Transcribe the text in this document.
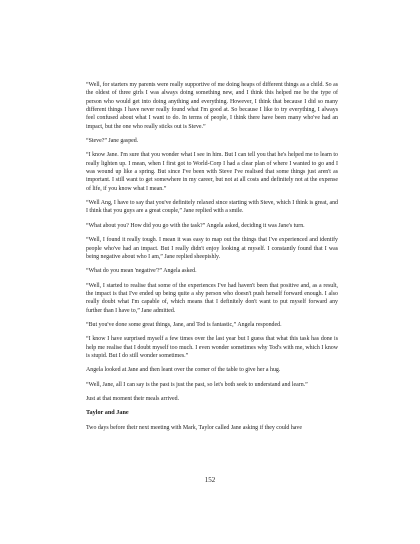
“Well, for starters my parents were really supportive of me doing heaps of different things as a child. So as the oldest of three girls I was always doing something new, and I think this helped me be the type of person who would get into doing anything and everything. However, I think that because I did so many different things I have never really found what I'm good at. So because I like to try everything, I always feel confused about what I want to do. In terms of people, I think there have been many who've had an impact, but the one who really sticks out is Steve.”

“Steve?” Jane gasped.

“I know Jane. I'm sure that you wonder what I see in him. But I can tell you that he's helped me to learn to really lighten up. I mean, when I first got to World-Corp I had a clear plan of where I wanted to go and I was wound up like a spring. But since I've been with Steve I've realised that some things just aren't as important. I still want to get somewhere in my career, but not at all costs and definitely not at the expense of life, if you know what I mean.”

“Well Ang, I have to say that you've definitely relaxed since starting with Steve, which I think is great, and I think that you guys are a great couple,” Jane replied with a smile.

“What about you? How did you go with the task?” Angela asked, deciding it was Jane's turn.

“Well, I found it really tough. I mean it was easy to map out the things that I've experienced and identify people who've had an impact. But I really didn't enjoy looking at myself. I constantly found that I was being negative about who I am,” Jane replied sheepishly.

“What do you mean 'negative'?” Angela asked.

“Well, I started to realise that some of the experiences I've had haven't been that positive and, as a result, the impact is that I've ended up being quite a shy person who doesn't push herself forward enough. I also really doubt what I'm capable of, which means that I definitely don't want to put myself forward any further than I have to,” Jane admitted.

“But you've done some great things, Jane, and Tod is fantastic,” Angela responded.

“I know I have surprised myself a few times over the last year but I guess that what this task has done is help me realise that I doubt myself too much. I even wonder sometimes why Tod's with me, which I know is stupid. But I do still wonder sometimes.”

Angela looked at Jane and then leant over the corner of the table to give her a hug.

“Well, Jane, all I can say is the past is just the past, so let's both seek to understand and learn.”

Just at that moment their meals arrived.

Taylor and Jane

Two days before their next meeting with Mark, Taylor called Jane asking if they could have

152
